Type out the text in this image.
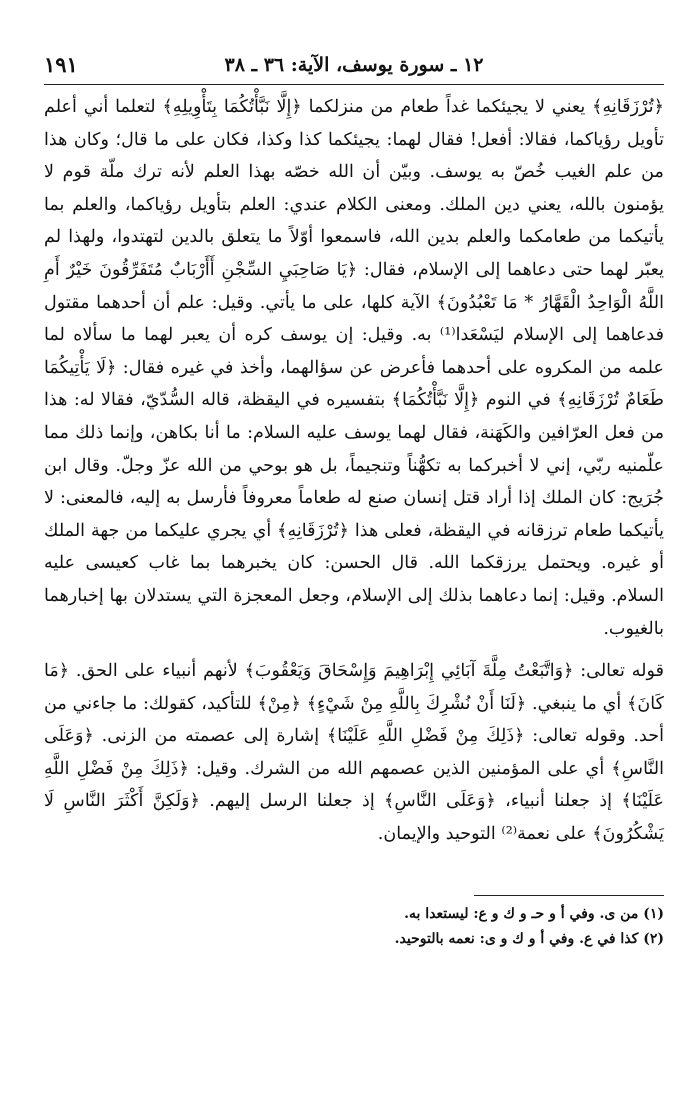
١٢ ـ سورة يوسف، الآية: ٣٦ ـ ٣٨
١٩١

﴿تُرْزَقَانِهِ﴾ يعني لا يجيئكما غداً طعام من منزلكما ﴿إِلَّا نَبَّأْتُكُمَا بِتَأْوِيلِهِ﴾ لتعلما أني أعلم تأويل رؤياكما، فقالا: أفعل! فقال لهما: يجيئكما كذا وكذا، فكان على ما قال؛ وكان هذا من علم الغيب خُصّ به يوسف. وبيّن أن الله خصّه بهذا العلم لأنه ترك ملّة قوم لا يؤمنون بالله، يعني دين الملك. ومعنى الكلام عندي: العلم بتأويل رؤياكما، والعلم بما يأتيكما من طعامكما والعلم بدين الله، فاسمعوا أوّلاً ما يتعلق بالدين لتهتدوا، ولهذا لم يعبّر لهما حتى دعاهما إلى الإسلام، فقال: ﴿يَا صَاحِبَيِ السِّجْنِ أَأَرْبَابٌ مُتَفَرِّقُونَ خَيْرٌ أَمِ اللَّهُ الْوَاحِدُ الْقَهَّارُ * مَا تَعْبُدُونَ﴾ الآية كلها، على ما يأتي. وقيل: علم أن أحدهما مقتول فدعاهما إلى الإسلام ليَسْعَدا⁽¹⁾ به. وقيل: إن يوسف كره أن يعبر لهما ما سألاه لما علمه من المكروه على أحدهما فأعرض عن سؤالهما، وأخذ في غيره فقال: ﴿لَا يَأْتِيكُمَا طَعَامٌ تُرْزَقَانِهِ﴾ في النوم ﴿إِلَّا نَبَّأْتُكُمَا﴾ بتفسيره في اليقظة، قاله السُّدّيّ، فقالا له: هذا من فعل العرّافين والكَهَنة، فقال لهما يوسف عليه السلام: ما أنا بكاهن، وإنما ذلك مما علّمنيه ربّي، إني لا أخبركما به تكهُّناً وتنجيماً، بل هو بوحي من الله عزّ وجلّ. وقال ابن جُرَيج: كان الملك إذا أراد قتل إنسان صنع له طعاماً معروفاً فأرسل به إليه، فالمعنى: لا يأتيكما طعام ترزقانه في اليقظة، فعلى هذا ﴿تُرْزَقَانِهِ﴾ أي يجري عليكما من جهة الملك أو غيره. ويحتمل يرزقكما الله. قال الحسن: كان يخبرهما بما غاب كعيسى عليه السلام. وقيل: إنما دعاهما بذلك إلى الإسلام، وجعل المعجزة التي يستدلان بها إخبارهما بالغيوب.

قوله تعالى: ﴿وَاتَّبَعْتُ مِلَّةَ آبَائِي إِبْرَاهِيمَ وَإِسْحَاقَ وَيَعْقُوبَ﴾ لأنهم أنبياء على الحق. ﴿مَا كَانَ﴾ أي ما ينبغي. ﴿لَنَا أَنْ نُشْرِكَ بِاللَّهِ مِنْ شَيْءٍ﴾ ﴿مِنْ﴾ للتأكيد، كقولك: ما جاءني من أحد. وقوله تعالى: ﴿ذَلِكَ مِنْ فَضْلِ اللَّهِ عَلَيْنَا﴾ إشارة إلى عصمته من الزنى. ﴿وَعَلَى النَّاسِ﴾ أي على المؤمنين الذين عصمهم الله من الشرك. وقيل: ﴿ذَلِكَ مِنْ فَضْلِ اللَّهِ عَلَيْنَا﴾ إذ جعلنا أنبياء، ﴿وَعَلَى النَّاسِ﴾ إذ جعلنا الرسل إليهم. ﴿وَلَكِنَّ أَكْثَرَ النَّاسِ لَا يَشْكُرُونَ﴾ على نعمة⁽²⁾ التوحيد والإيمان.

(١) من ى. وفي أ و حـ و ك و ع: ليستعدا به.

(٢) كذا في ع. وفي أ و ك و ى: نعمه بالتوحيد.
